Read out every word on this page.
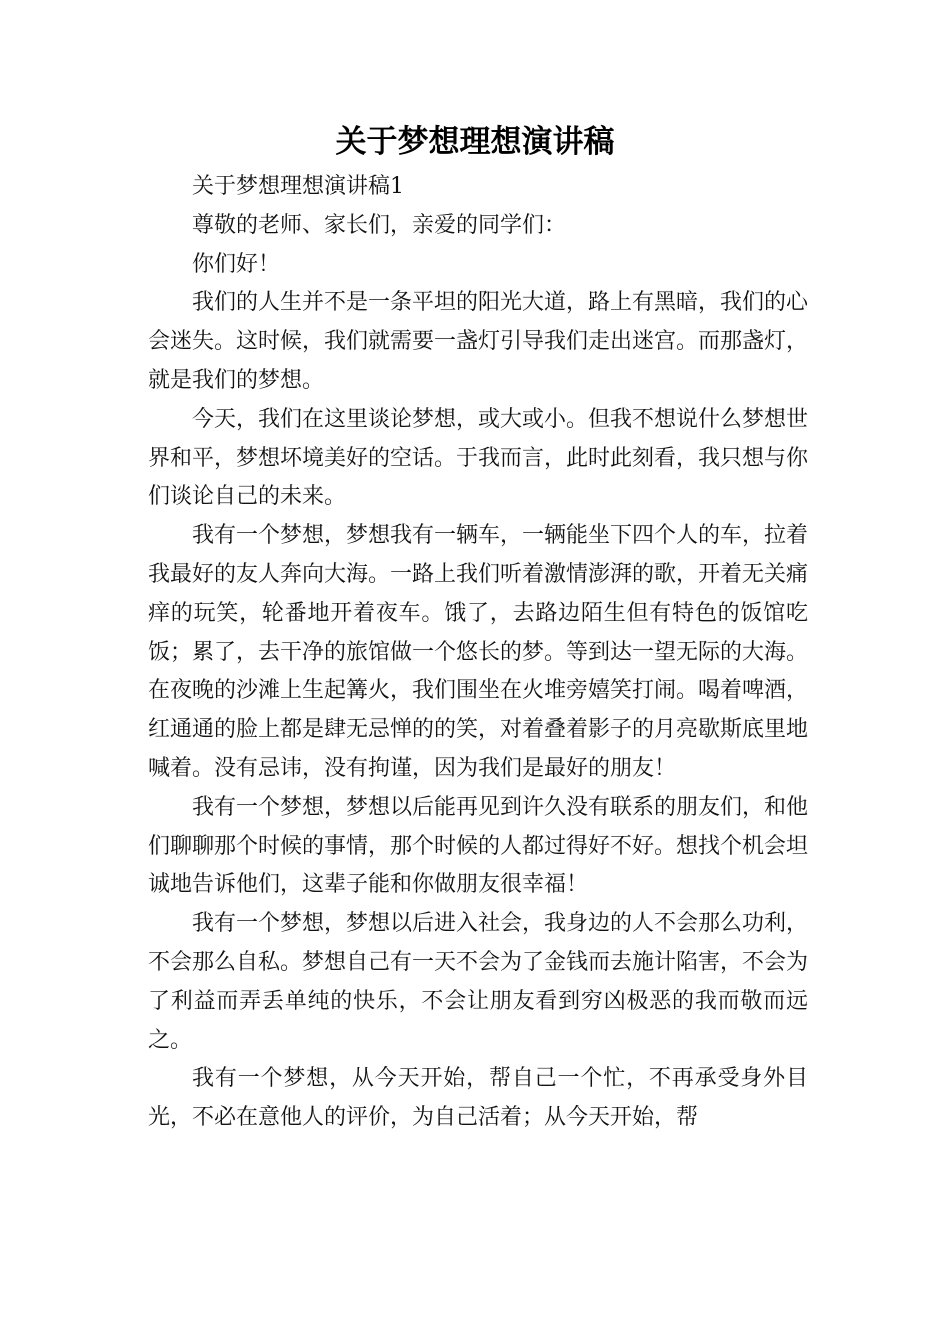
关于梦想理想演讲稿

关于梦想理想演讲稿1

尊敬的老师、家长们，亲爱的同学们：

你们好！

我们的人生并不是一条平坦的阳光大道，路上有黑暗，我们的心会迷失。这时候，我们就需要一盏灯引导我们走出迷宫。而那盏灯，就是我们的梦想。

今天，我们在这里谈论梦想，或大或小。但我不想说什么梦想世界和平，梦想坏境美好的空话。于我而言，此时此刻看，我只想与你们谈论自己的未来。

我有一个梦想，梦想我有一辆车，一辆能坐下四个人的车，拉着我最好的友人奔向大海。一路上我们听着激情澎湃的歌，开着无关痛痒的玩笑，轮番地开着夜车。饿了，去路边陌生但有特色的饭馆吃饭；累了，去干净的旅馆做一个悠长的梦。等到达一望无际的大海。在夜晚的沙滩上生起篝火，我们围坐在火堆旁嬉笑打闹。喝着啤酒，红通通的脸上都是肆无忌惮的的笑，对着叠着影子的月亮歇斯底里地喊着。没有忌讳，没有拘谨，因为我们是最好的朋友！

我有一个梦想，梦想以后能再见到许久没有联系的朋友们，和他们聊聊那个时候的事情，那个时候的人都过得好不好。想找个机会坦诚地告诉他们，这辈子能和你做朋友很幸福！

我有一个梦想，梦想以后进入社会，我身边的人不会那么功利，不会那么自私。梦想自己有一天不会为了金钱而去施计陷害，不会为了利益而弄丢单纯的快乐，不会让朋友看到穷凶极恶的我而敬而远之。

我有一个梦想，从今天开始，帮自己一个忙，不再承受身外目光，不必在意他人的评价，为自己活着；从今天开始，帮
